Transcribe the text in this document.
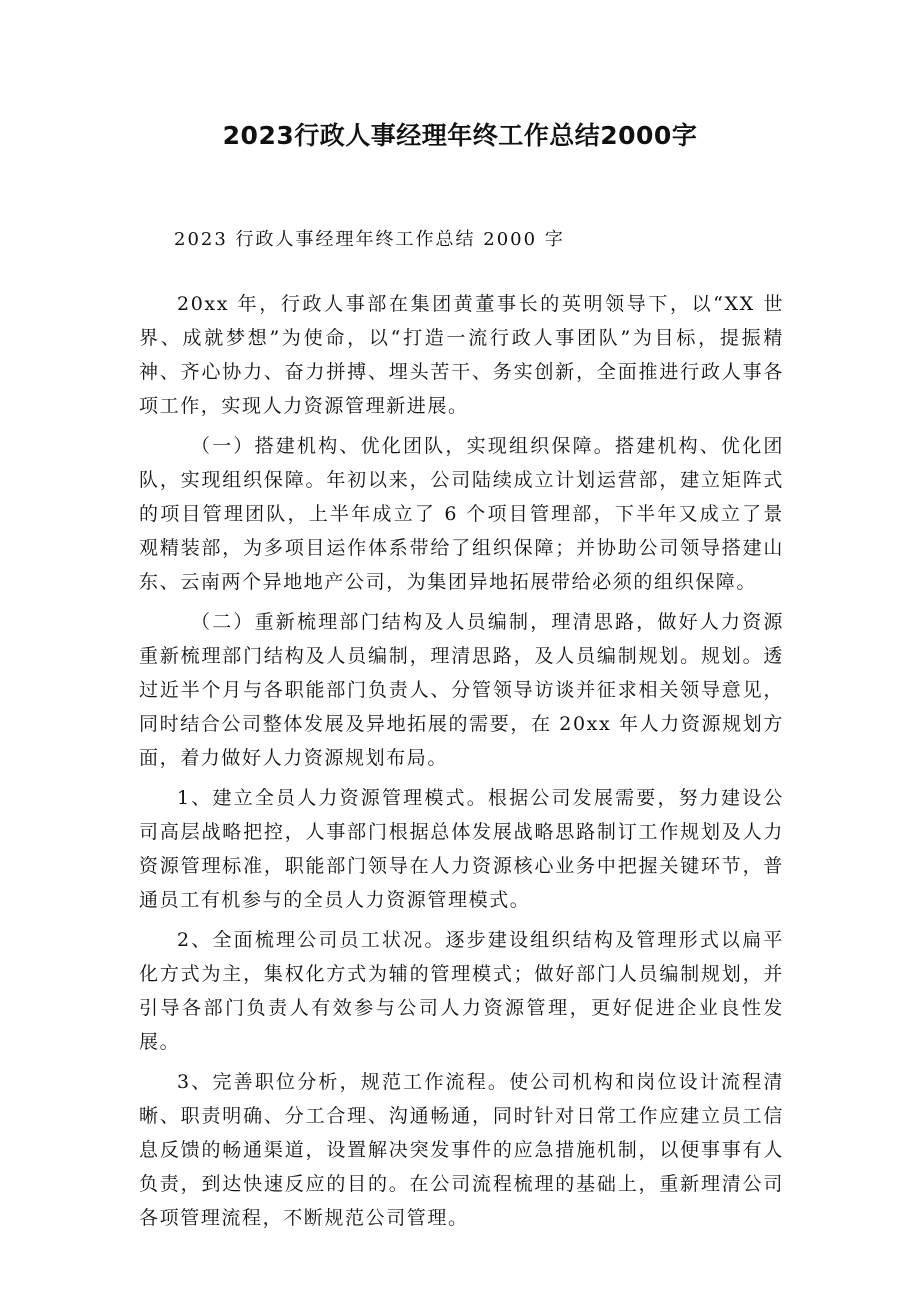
2023行政人事经理年终工作总结2000字

2023 行政人事经理年终工作总结 2000 字

20xx 年，行政人事部在集团黄董事长的英明领导下，以“XX 世界、成就梦想”为使命，以“打造一流行政人事团队”为目标，提振精神、齐心协力、奋力拼搏、埋头苦干、务实创新，全面推进行政人事各项工作，实现人力资源管理新进展。

（一）搭建机构、优化团队，实现组织保障。搭建机构、优化团队，实现组织保障。年初以来，公司陆续成立计划运营部，建立矩阵式的项目管理团队，上半年成立了 6 个项目管理部，下半年又成立了景观精装部，为多项目运作体系带给了组织保障；并协助公司领导搭建山东、云南两个异地地产公司，为集团异地拓展带给必须的组织保障。

（二）重新梳理部门结构及人员编制，理清思路，做好人力资源重新梳理部门结构及人员编制，理清思路，及人员编制规划。规划。透过近半个月与各职能部门负责人、分管领导访谈并征求相关领导意见，同时结合公司整体发展及异地拓展的需要，在 20xx 年人力资源规划方面，着力做好人力资源规划布局。

1、建立全员人力资源管理模式。根据公司发展需要，努力建设公司高层战略把控，人事部门根据总体发展战略思路制订工作规划及人力资源管理标准，职能部门领导在人力资源核心业务中把握关键环节，普通员工有机参与的全员人力资源管理模式。

2、全面梳理公司员工状况。逐步建设组织结构及管理形式以扁平化方式为主，集权化方式为辅的管理模式；做好部门人员编制规划，并引导各部门负责人有效参与公司人力资源管理，更好促进企业良性发展。

3、完善职位分析，规范工作流程。使公司机构和岗位设计流程清晰、职责明确、分工合理、沟通畅通，同时针对日常工作应建立员工信息反馈的畅通渠道，设置解决突发事件的应急措施机制，以便事事有人负责，到达快速反应的目的。在公司流程梳理的基础上，重新理清公司各项管理流程，不断规范公司管理。
